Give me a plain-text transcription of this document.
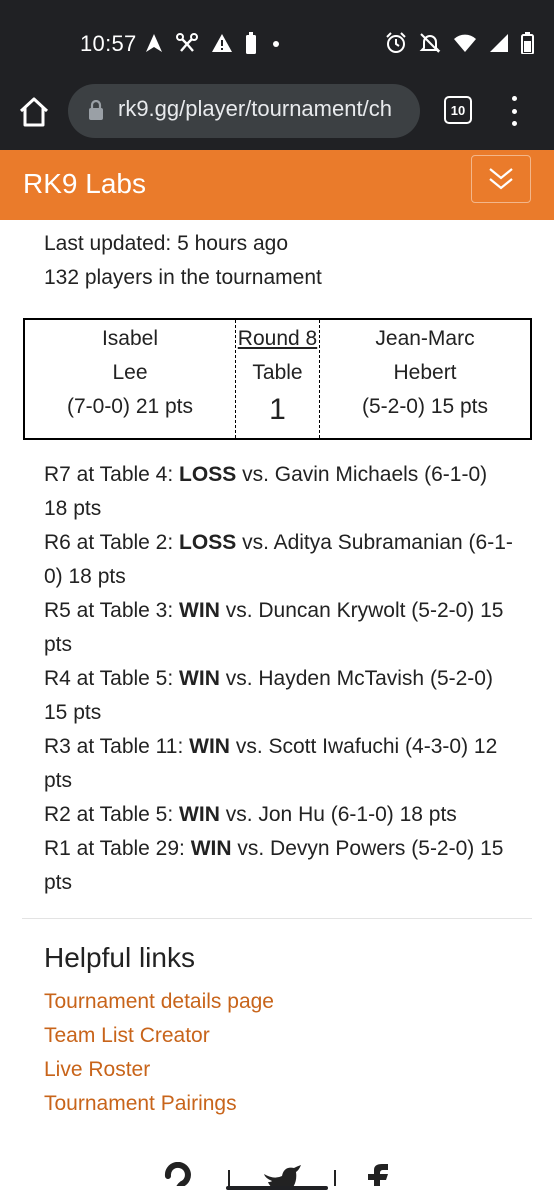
10:57
rk9.gg/player/tournament/ch	10
RK9 Labs
Last updated: 5 hours ago
132 players in the tournament
Isabel
Lee
(7-0-0) 21 pts
Round 8
Table
1
Jean-Marc
Hebert
(5-2-0) 15 pts
R7 at Table 4: LOSS vs. Gavin Michaels (6-1-0) 18 pts
R6 at Table 2: LOSS vs. Aditya Subramanian (6-1-0) 18 pts
R5 at Table 3: WIN vs. Duncan Krywolt (5-2-0) 15 pts
R4 at Table 5: WIN vs. Hayden McTavish (5-2-0) 15 pts
R3 at Table 11: WIN vs. Scott Iwafuchi (4-3-0) 12 pts
R2 at Table 5: WIN vs. Jon Hu (6-1-0) 18 pts
R1 at Table 29: WIN vs. Devyn Powers (5-2-0) 15 pts
Helpful links
Tournament details page
Team List Creator
Live Roster
Tournament Pairings
